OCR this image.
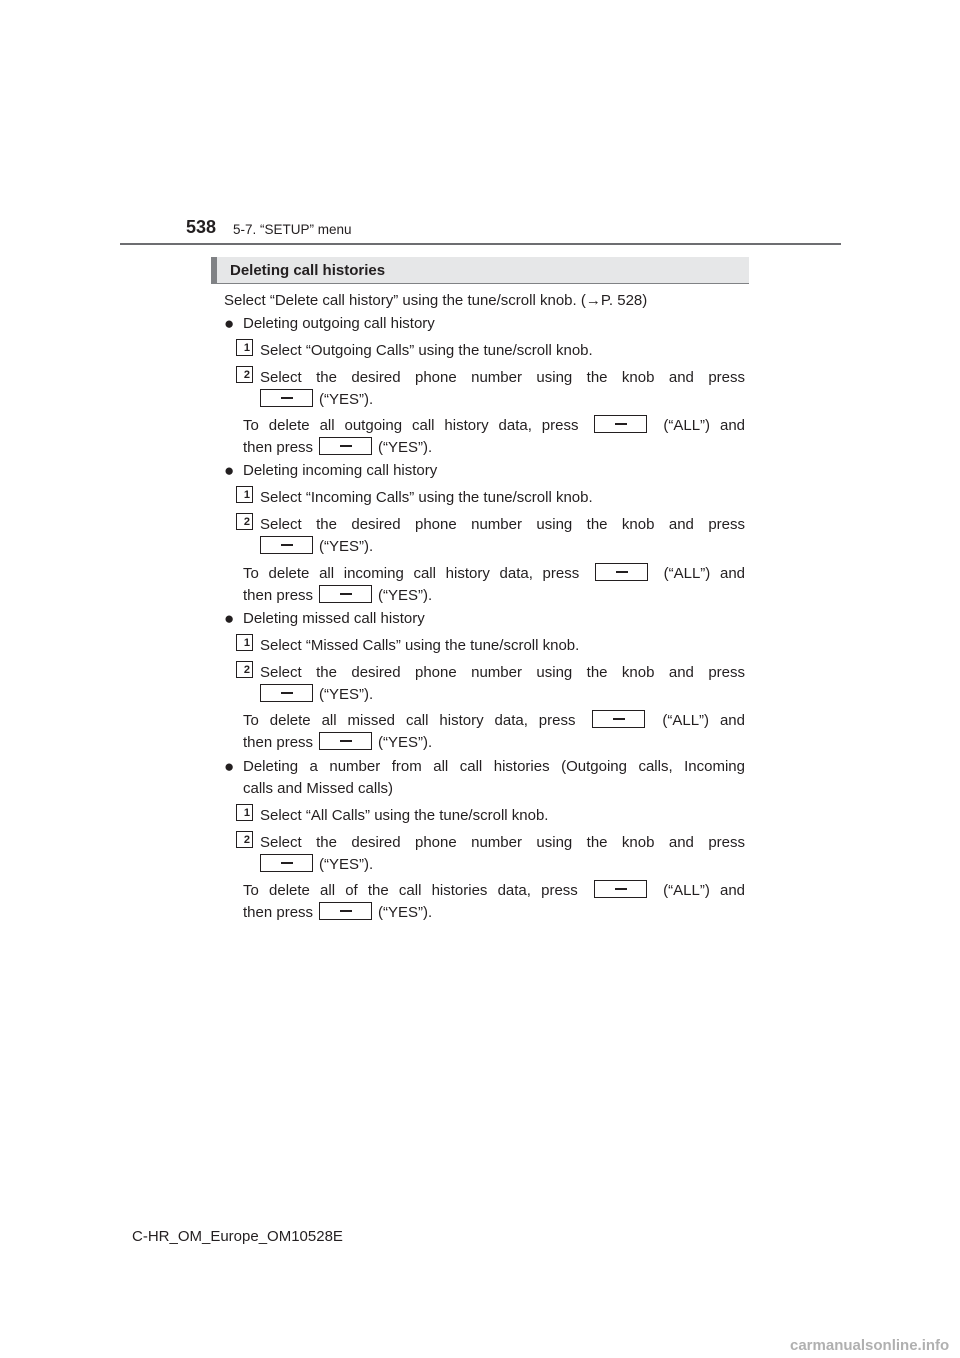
538 5-7. “SETUP” menu
Deleting call histories
Select “Delete call history” using the tune/scroll knob. (→P. 528)
● Deleting outgoing call history
1 Select “Outgoing Calls” using the tune/scroll knob.
2 Select the desired phone number using the knob and press
(“YES”).
To delete all outgoing call history data, press	(“ALL”) and
then press	(“YES”).
● Deleting incoming call history
1 Select “Incoming Calls” using the tune/scroll knob.
2 Select the desired phone number using the knob and press
(“YES”).
To delete all incoming call history data, press	(“ALL”) and
then press	(“YES”).
● Deleting missed call history
1 Select “Missed Calls” using the tune/scroll knob.
2 Select the desired phone number using the knob and press
(“YES”).
To delete all missed call history data, press	(“ALL”) and
then press	(“YES”).
● Deleting a number from all call histories (Outgoing calls, Incoming
calls and Missed calls)
1 Select “All Calls” using the tune/scroll knob.
2 Select the desired phone number using the knob and press
(“YES”).
To delete all of the call histories data, press	(“ALL”) and
then press	(“YES”).
C-HR_OM_Europe_OM10528E
carmanualsonline.info
